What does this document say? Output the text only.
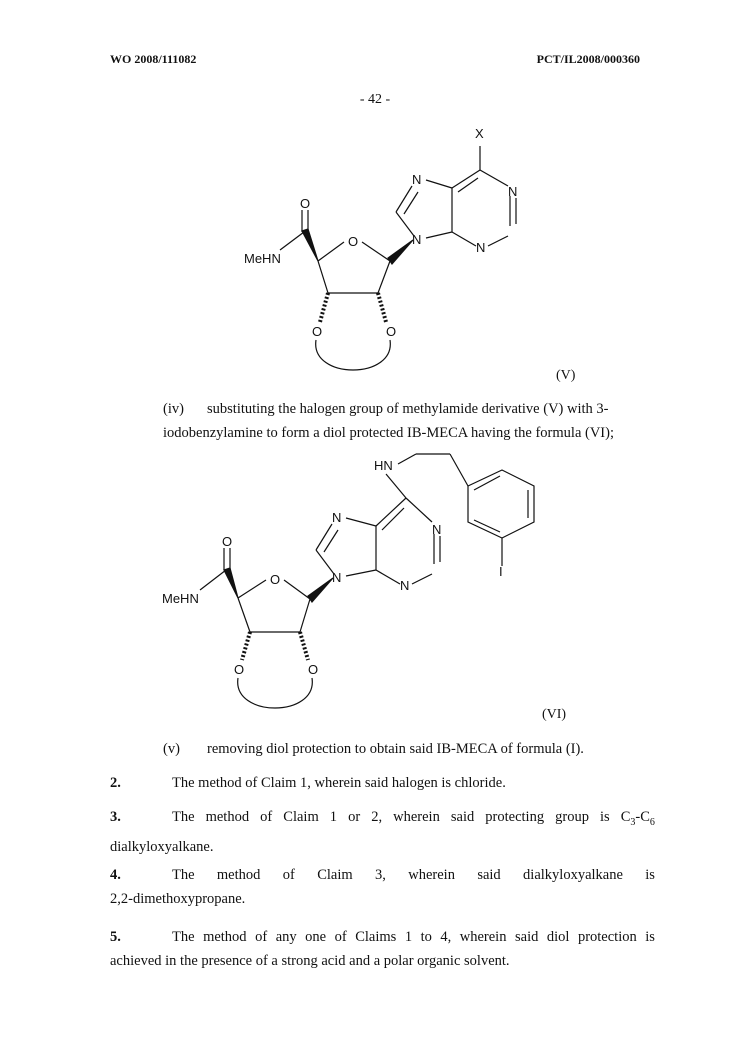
WO 2008/111082	PCT/IL2008/000360
- 42 -
X
N
N
N
N
O
O
MeHN
O	O
(V)
(iv) substituting the halogen group of methylamide derivative (V) with 3-
iodobenzylamine to form a diol protected IB-MECA having the formula (VI);
HN
I
N
N
N
N
O
O
MeHN
O	O
(VI)
(v) removing diol protection to obtain said IB-MECA of formula (I).
2.	The method of Claim 1, wherein said halogen is chloride.
3.	The method of Claim 1 or 2, wherein said protecting group is $C_3-C_6$
dialkyloxyalkane.
4.	The method of Claim 3, wherein said dialkyloxyalkane is
2,2-dimethoxypropane.
5.	The method of any one of Claims 1 to 4, wherein said diol protection is
achieved in the presence of a strong acid and a polar organic solvent.
